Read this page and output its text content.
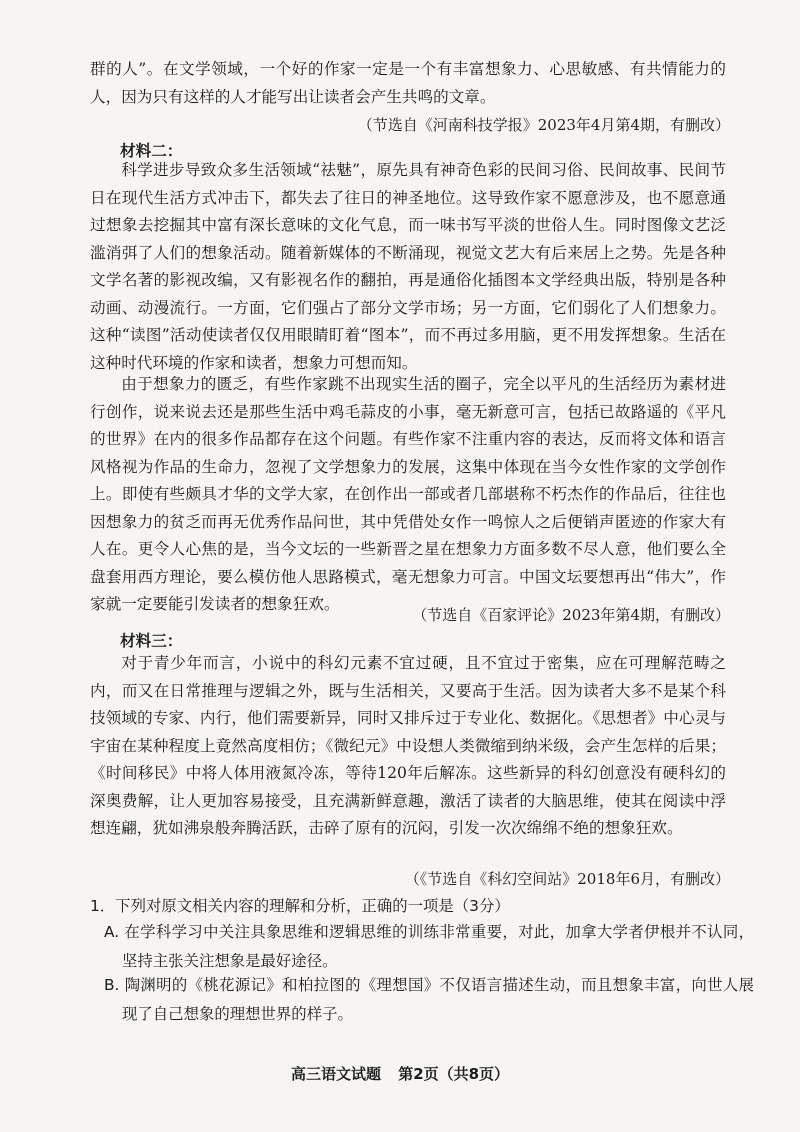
群的人”。在文学领域，一个好的作家一定是一个有丰富想象力、心思敏感、有共情能力的人，因为只有这样的人才能写出让读者会产生共鸣的文章。

（节选自《河南科技学报》2023年4月第4期，有删改）
材料二：

科学进步导致众多生活领域“祛魅”，原先具有神奇色彩的民间习俗、民间故事、民间节日在现代生活方式冲击下，都失去了往日的神圣地位。这导致作家不愿意涉及，也不愿意通过想象去挖掘其中富有深长意味的文化气息，而一味书写平淡的世俗人生。同时图像文艺泛滥消弭了人们的想象活动。随着新媒体的不断涌现，视觉文艺大有后来居上之势。先是各种文学名著的影视改编，又有影视名作的翻拍，再是通俗化插图本文学经典出版，特别是各种动画、动漫流行。一方面，它们强占了部分文学市场；另一方面，它们弱化了人们想象力。这种“读图”活动使读者仅仅用眼睛盯着“图本”，而不再过多用脑，更不用发挥想象。生活在这种时代环境的作家和读者，想象力可想而知。

由于想象力的匮乏，有些作家跳不出现实生活的圈子，完全以平凡的生活经历为素材进行创作，说来说去还是那些生活中鸡毛蒜皮的小事，毫无新意可言，包括已故路遥的《平凡的世界》在内的很多作品都存在这个问题。有些作家不注重内容的表达，反而将文体和语言风格视为作品的生命力，忽视了文学想象力的发展，这集中体现在当今女性作家的文学创作上。即使有些颇具才华的文学大家，在创作出一部或者几部堪称不朽杰作的作品后，往往也因想象力的贫乏而再无优秀作品问世，其中凭借处女作一鸣惊人之后便销声匿迹的作家大有人在。更令人心焦的是，当今文坛的一些新晋之星在想象力方面多数不尽人意，他们要么全盘套用西方理论，要么模仿他人思路模式，毫无想象力可言。中国文坛要想再出“伟大”，作家就一定要能引发读者的想象狂欢。

（节选自《百家评论》2023年第4期，有删改）
材料三：

对于青少年而言，小说中的科幻元素不宜过硬，且不宜过于密集，应在可理解范畴之内，而又在日常推理与逻辑之外，既与生活相关，又要高于生活。因为读者大多不是某个科技领域的专家、内行，他们需要新异，同时又排斥过于专业化、数据化。《思想者》中心灵与宇宙在某种程度上竟然高度相仿；《微纪元》中设想人类微缩到纳米级，会产生怎样的后果；《时间移民》中将人体用液氮冷冻，等待120年后解冻。这些新异的科幻创意没有硬科幻的深奥费解，让人更加容易接受，且充满新鲜意趣，激活了读者的大脑思维，使其在阅读中浮想连翩，犹如沸泉般奔腾活跃，击碎了原有的沉闷，引发一次次绵绵不绝的想象狂欢。

（《节选自《科幻空间站》2018年6月，有删改）
1．下列对原文相关内容的理解和分析，正确的一项是（3分）

A. 在学科学习中关注具象思维和逻辑思维的训练非常重要，对此，加拿大学者伊根并不认同，坚持主张关注想象是最好途径。

B. 陶渊明的《桃花源记》和柏拉图的《理想国》不仅语言描述生动，而且想象丰富，向世人展现了自己想象的理想世界的样子。

高三语文试题 第2页（共8页）
